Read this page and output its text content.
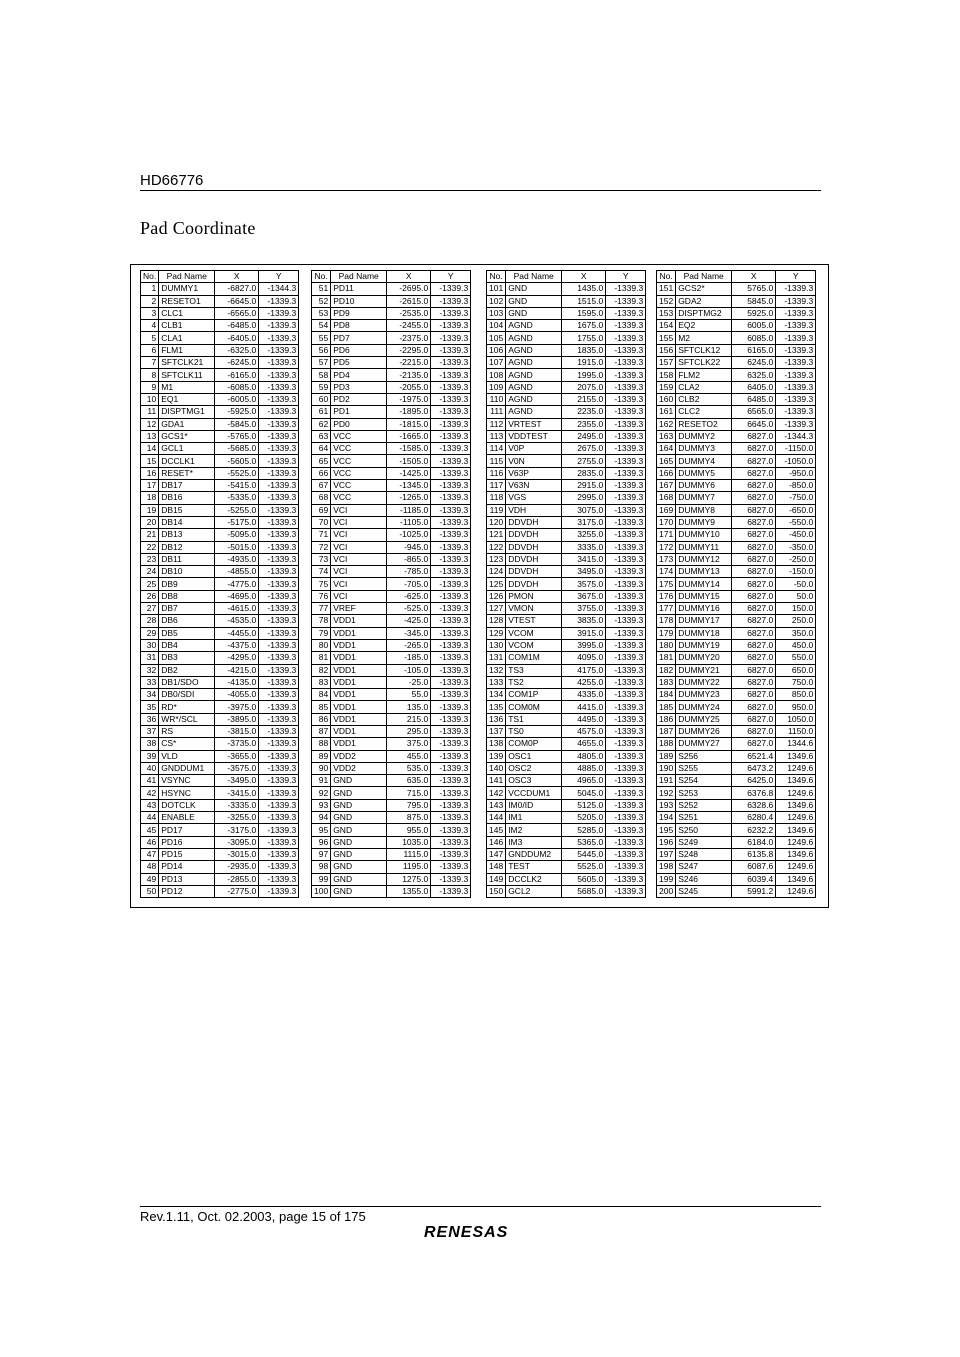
HD66776
Pad Coordinate
No.	Pad Name	X	Y
1	DUMMY1	-6827.0	-1344.3
2	RESETO1	-6645.0	-1339.3
3	CLC1	-6565.0	-1339.3
4	CLB1	-6485.0	-1339.3
5	CLA1	-6405.0	-1339.3
6	FLM1	-6325.0	-1339.3
7	SFTCLK21	-6245.0	-1339.3
8	SFTCLK11	-6165.0	-1339.3
9	M1	-6085.0	-1339.3
10	EQ1	-6005.0	-1339.3
11	DISPTMG1	-5925.0	-1339.3
12	GDA1	-5845.0	-1339.3
13	GCS1*	-5765.0	-1339.3
14	GCL1	-5685.0	-1339.3
15	DCCLK1	-5605.0	-1339.3
16	RESET*	-5525.0	-1339.3
17	DB17	-5415.0	-1339.3
18	DB16	-5335.0	-1339.3
19	DB15	-5255.0	-1339.3
20	DB14	-5175.0	-1339.3
21	DB13	-5095.0	-1339.3
22	DB12	-5015.0	-1339.3
23	DB11	-4935.0	-1339.3
24	DB10	-4855.0	-1339.3
25	DB9	-4775.0	-1339.3
26	DB8	-4695.0	-1339.3
27	DB7	-4615.0	-1339.3
28	DB6	-4535.0	-1339.3
29	DB5	-4455.0	-1339.3
30	DB4	-4375.0	-1339.3
31	DB3	-4295.0	-1339.3
32	DB2	-4215.0	-1339.3
33	DB1/SDO	-4135.0	-1339.3
34	DB0/SDI	-4055.0	-1339.3
35	RD*	-3975.0	-1339.3
36	WR*/SCL	-3895.0	-1339.3
37	RS	-3815.0	-1339.3
38	CS*	-3735.0	-1339.3
39	VLD	-3655.0	-1339.3
40	GNDDUM1	-3575.0	-1339.3
41	VSYNC	-3495.0	-1339.3
42	HSYNC	-3415.0	-1339.3
43	DOTCLK	-3335.0	-1339.3
44	ENABLE	-3255.0	-1339.3
45	PD17	-3175.0	-1339.3
46	PD16	-3095.0	-1339.3
47	PD15	-3015.0	-1339.3
48	PD14	-2935.0	-1339.3
49	PD13	-2855.0	-1339.3
50	PD12	-2775.0	-1339.3
No.	Pad Name	X	Y
51	PD11	-2695.0	-1339.3
52	PD10	-2615.0	-1339.3
53	PD9	-2535.0	-1339.3
54	PD8	-2455.0	-1339.3
55	PD7	-2375.0	-1339.3
56	PD6	-2295.0	-1339.3
57	PD5	-2215.0	-1339.3
58	PD4	-2135.0	-1339.3
59	PD3	-2055.0	-1339.3
60	PD2	-1975.0	-1339.3
61	PD1	-1895.0	-1339.3
62	PD0	-1815.0	-1339.3
63	VCC	-1665.0	-1339.3
64	VCC	-1585.0	-1339.3
65	VCC	-1505.0	-1339.3
66	VCC	-1425.0	-1339.3
67	VCC	-1345.0	-1339.3
68	VCC	-1265.0	-1339.3
69	VCI	-1185.0	-1339.3
70	VCI	-1105.0	-1339.3
71	VCI	-1025.0	-1339.3
72	VCI	-945.0	-1339.3
73	VCI	-865.0	-1339.3
74	VCI	-785.0	-1339.3
75	VCI	-705.0	-1339.3
76	VCI	-625.0	-1339.3
77	VREF	-525.0	-1339.3
78	VDD1	-425.0	-1339.3
79	VDD1	-345.0	-1339.3
80	VDD1	-265.0	-1339.3
81	VDD1	-185.0	-1339.3
82	VDD1	-105.0	-1339.3
83	VDD1	-25.0	-1339.3
84	VDD1	55.0	-1339.3
85	VDD1	135.0	-1339.3
86	VDD1	215.0	-1339.3
87	VDD1	295.0	-1339.3
88	VDD1	375.0	-1339.3
89	VDD2	455.0	-1339.3
90	VDD2	535.0	-1339.3
91	GND	635.0	-1339.3
92	GND	715.0	-1339.3
93	GND	795.0	-1339.3
94	GND	875.0	-1339.3
95	GND	955.0	-1339.3
96	GND	1035.0	-1339.3
97	GND	1115.0	-1339.3
98	GND	1195.0	-1339.3
99	GND	1275.0	-1339.3
100	GND	1355.0	-1339.3
No.	Pad Name	X	Y
101	GND	1435.0	-1339.3
102	GND	1515.0	-1339.3
103	GND	1595.0	-1339.3
104	AGND	1675.0	-1339.3
105	AGND	1755.0	-1339.3
106	AGND	1835.0	-1339.3
107	AGND	1915.0	-1339.3
108	AGND	1995.0	-1339.3
109	AGND	2075.0	-1339.3
110	AGND	2155.0	-1339.3
111	AGND	2235.0	-1339.3
112	VRTEST	2355.0	-1339.3
113	VDDTEST	2495.0	-1339.3
114	V0P	2675.0	-1339.3
115	V0N	2755.0	-1339.3
116	V63P	2835.0	-1339.3
117	V63N	2915.0	-1339.3
118	VGS	2995.0	-1339.3
119	VDH	3075.0	-1339.3
120	DDVDH	3175.0	-1339.3
121	DDVDH	3255.0	-1339.3
122	DDVDH	3335.0	-1339.3
123	DDVDH	3415.0	-1339.3
124	DDVDH	3495.0	-1339.3
125	DDVDH	3575.0	-1339.3
126	PMON	3675.0	-1339.3
127	VMON	3755.0	-1339.3
128	VTEST	3835.0	-1339.3
129	VCOM	3915.0	-1339.3
130	VCOM	3995.0	-1339.3
131	COM1M	4095.0	-1339.3
132	TS3	4175.0	-1339.3
133	TS2	4255.0	-1339.3
134	COM1P	4335.0	-1339.3
135	COM0M	4415.0	-1339.3
136	TS1	4495.0	-1339.3
137	TS0	4575.0	-1339.3
138	COM0P	4655.0	-1339.3
139	OSC1	4805.0	-1339.3
140	OSC2	4885.0	-1339.3
141	OSC3	4965.0	-1339.3
142	VCCDUM1	5045.0	-1339.3
143	IM0/ID	5125.0	-1339.3
144	IM1	5205.0	-1339.3
145	IM2	5285.0	-1339.3
146	IM3	5365.0	-1339.3
147	GNDDUM2	5445.0	-1339.3
148	TEST	5525.0	-1339.3
149	DCCLK2	5605.0	-1339.3
150	GCL2	5685.0	-1339.3
No.	Pad Name	X	Y
151	GCS2*	5765.0	-1339.3
152	GDA2	5845.0	-1339.3
153	DISPTMG2	5925.0	-1339.3
154	EQ2	6005.0	-1339.3
155	M2	6085.0	-1339.3
156	SFTCLK12	6165.0	-1339.3
157	SFTCLK22	6245.0	-1339.3
158	FLM2	6325.0	-1339.3
159	CLA2	6405.0	-1339.3
160	CLB2	6485.0	-1339.3
161	CLC2	6565.0	-1339.3
162	RESETO2	6645.0	-1339.3
163	DUMMY2	6827.0	-1344.3
164	DUMMY3	6827.0	-1150.0
165	DUMMY4	6827.0	-1050.0
166	DUMMY5	6827.0	-950.0
167	DUMMY6	6827.0	-850.0
168	DUMMY7	6827.0	-750.0
169	DUMMY8	6827.0	-650.0
170	DUMMY9	6827.0	-550.0
171	DUMMY10	6827.0	-450.0
172	DUMMY11	6827.0	-350.0
173	DUMMY12	6827.0	-250.0
174	DUMMY13	6827.0	-150.0
175	DUMMY14	6827.0	-50.0
176	DUMMY15	6827.0	50.0
177	DUMMY16	6827.0	150.0
178	DUMMY17	6827.0	250.0
179	DUMMY18	6827.0	350.0
180	DUMMY19	6827.0	450.0
181	DUMMY20	6827.0	550.0
182	DUMMY21	6827.0	650.0
183	DUMMY22	6827.0	750.0
184	DUMMY23	6827.0	850.0
185	DUMMY24	6827.0	950.0
186	DUMMY25	6827.0	1050.0
187	DUMMY26	6827.0	1150.0
188	DUMMY27	6827.0	1344.6
189	S256	6521.4	1349.6
190	S255	6473.2	1249.6
191	S254	6425.0	1349.6
192	S253	6376.8	1249.6
193	S252	6328.6	1349.6
194	S251	6280.4	1249.6
195	S250	6232.2	1349.6
196	S249	6184.0	1249.6
197	S248	6135.8	1349.6
198	S247	6087.6	1249.6
199	S246	6039.4	1349.6
200	S245	5991.2	1249.6
Rev.1.11, Oct. 02.2003, page 15 of 175
RENESAS
